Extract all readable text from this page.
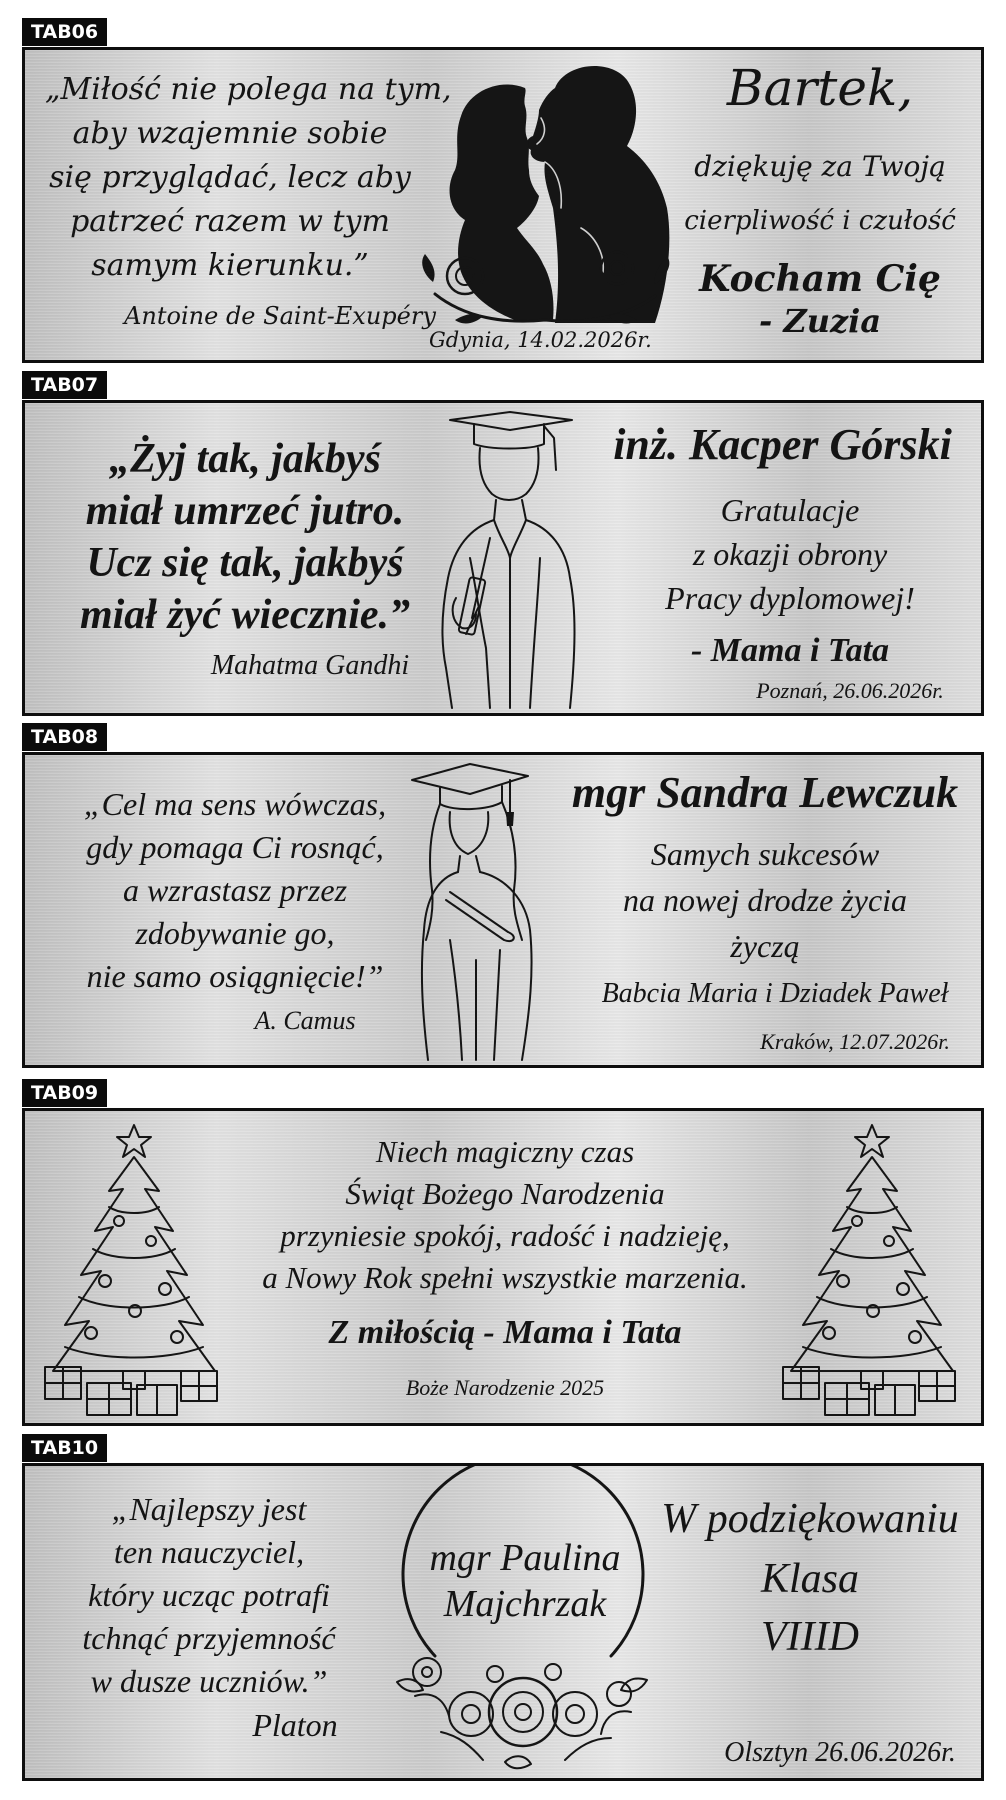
TAB06
„Miłość nie polega na tym,
aby wzajemnie sobie
się przyglądać, lecz aby
patrzeć razem w tym
samym kierunku.”
Antoine de Saint-Exupéry
Gdynia, 14.02.2026r.
Bartek,
dziękuję za Twoją
cierpliwość i czułość
Kocham Cię
- Zuzia
TAB07
„Żyj tak, jakbyś
miał umrzeć jutro.
Ucz się tak, jakbyś
miał żyć wiecznie.”
Mahatma Gandhi
inż. Kacper Górski
Gratulacje
z okazji obrony
Pracy dyplomowej!
- Mama i Tata
Poznań, 26.06.2026r.
TAB08
„Cel ma sens wówczas,
gdy pomaga Ci rosnąć,
a wzrastasz przez
zdobywanie go,
nie samo osiągnięcie!”
A. Camus
mgr Sandra Lewczuk
Samych sukcesów
na nowej drodze życia
życzą
Babcia Maria i Dziadek Paweł
Kraków, 12.07.2026r.
TAB09
Niech magiczny czas
Świąt Bożego Narodzenia
przyniesie spokój, radość i nadzieję,
a Nowy Rok spełni wszystkie marzenia.
Z miłością - Mama i Tata
Boże Narodzenie 2025
TAB10
„Najlepszy jest
ten nauczyciel,
który ucząc potrafi
tchnąć przyjemność
w dusze uczniów.”
Platon
mgr Paulina
Majchrzak
W podziękowaniu
Klasa
VIIID
Olsztyn 26.06.2026r.
